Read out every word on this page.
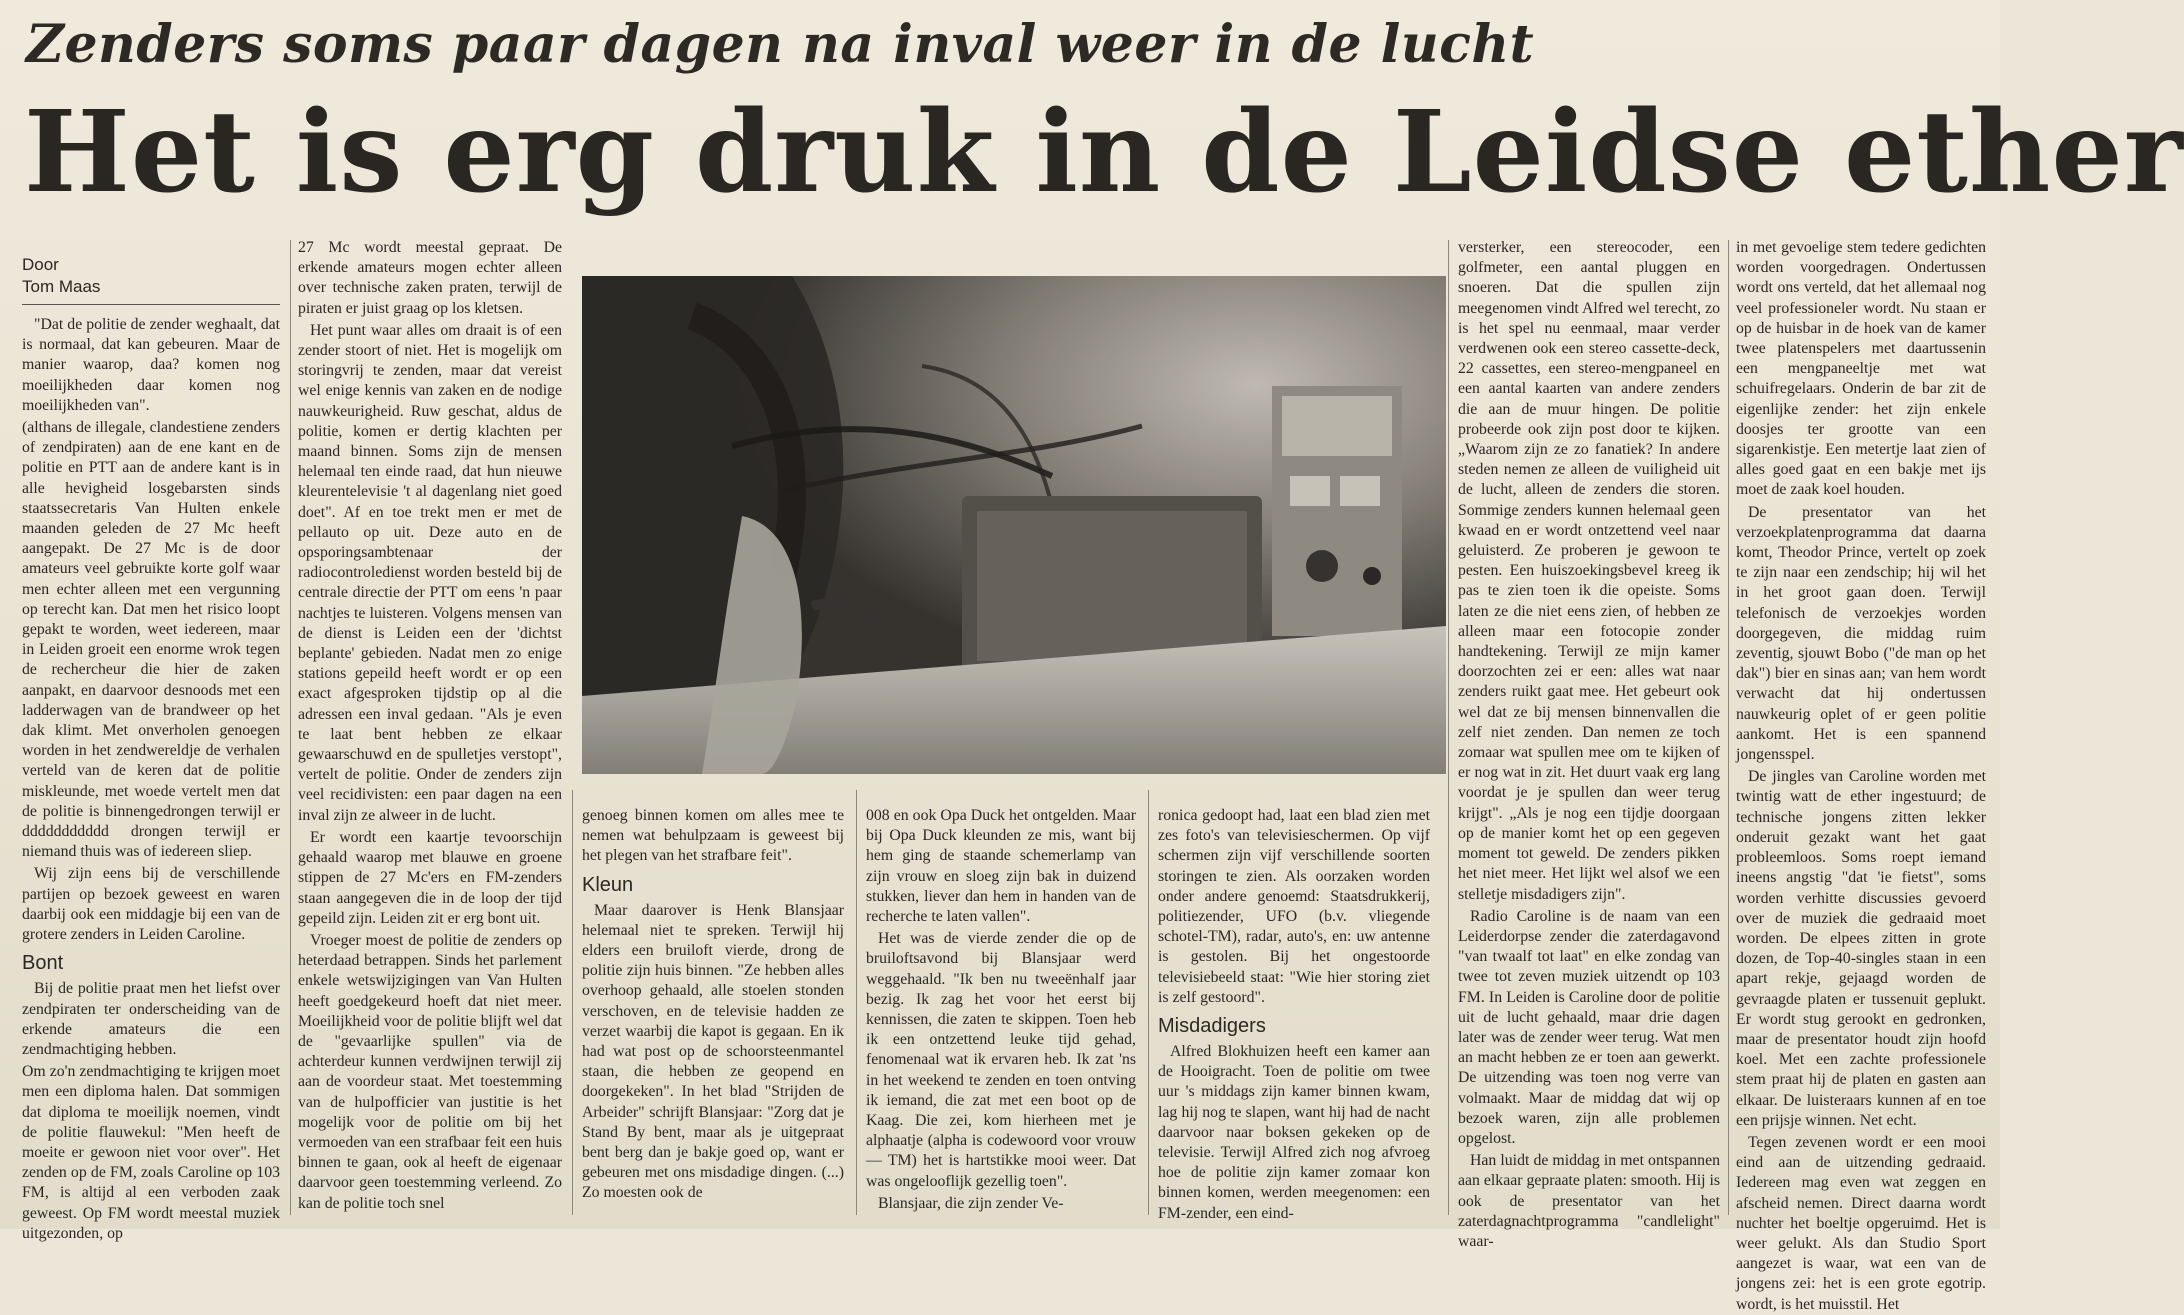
Zenders soms paar dagen na inval weer in de lucht
Het is erg druk in de Leidse ether
Door
Tom Maas

"Dat de politie de zender weghaalt, dat is normaal, dat kan gebeuren. Maar de manier waarop, daa? komen nog moeilijkheden daar komen nog moeilijkheden van".

(althans de illegale, clandestiene zenders of zendpiraten) aan de ene kant en de politie en PTT aan de andere kant is in alle hevigheid losgebarsten sinds staatssecretaris Van Hulten enkele maanden geleden de 27 Mc heeft aangepakt. De 27 Mc is de door amateurs veel gebruikte korte golf waar men echter alleen met een vergunning op terecht kan. Dat men het risico loopt gepakt te worden, weet iedereen, maar in Leiden groeit een enorme wrok tegen de rechercheur die hier de zaken aanpakt, en daarvoor desnoods met een ladderwagen van de brandweer op het dak klimt. Met onverholen genoegen worden in het zendwereldje de verhalen verteld van de keren dat de politie miskleunde, met woede vertelt men dat de politie is binnengedrongen terwijl er ddddddddddd drongen terwijl er niemand thuis was of iedereen sliep.

Wij zijn eens bij de verschillende partijen op bezoek geweest en waren daarbij ook een middagje bij een van de grotere zenders in Leiden Caroline.

Bont

Bij de politie praat men het liefst over zendpiraten ter onderscheiding van de erkende amateurs die een zendmachtiging hebben.

Om zo'n zendmachtiging te krijgen moet men een diploma halen. Dat sommigen dat diploma te moeilijk noemen, vindt de politie flauwekul: "Men heeft de moeite er gewoon niet voor over". Het zenden op de FM, zoals Caroline op 103 FM, is altijd al een verboden zaak geweest. Op FM wordt meestal muziek uitgezonden, op

27 Mc wordt meestal gepraat. De erkende amateurs mogen echter alleen over technische zaken praten, terwijl de piraten er juist graag op los kletsen.

Het punt waar alles om draait is of een zender stoort of niet. Het is mogelijk om storingvrij te zenden, maar dat vereist wel enige kennis van zaken en de nodige nauwkeurigheid. Ruw geschat, aldus de politie, komen er dertig klachten per maand binnen. Soms zijn de mensen helemaal ten einde raad, dat hun nieuwe kleurentelevisie 't al dagenlang niet goed doet". Af en toe trekt men er met de pellauto op uit. Deze auto en de opsporingsambtenaar der radiocontroledienst worden besteld bij de centrale directie der PTT om eens 'n paar nachtjes te luisteren. Volgens mensen van de dienst is Leiden een der 'dichtst beplante' gebieden. Nadat men zo enige stations gepeild heeft wordt er op een exact afgesproken tijdstip op al die adressen een inval gedaan. "Als je even te laat bent hebben ze elkaar gewaarschuwd en de spulletjes verstopt", vertelt de politie. Onder de zenders zijn veel recidivisten: een paar dagen na een inval zijn ze alweer in de lucht.

Er wordt een kaartje tevoorschijn gehaald waarop met blauwe en groene stippen de 27 Mc'ers en FM-zenders staan aangegeven die in de loop der tijd gepeild zijn. Leiden zit er erg bont uit.

Vroeger moest de politie de zenders op heterdaad betrappen. Sinds het parlement enkele wetswijzigingen van Van Hulten heeft goedgekeurd hoeft dat niet meer. Moeilijkheid voor de politie blijft wel dat de "gevaarlijke spullen" via de achterdeur kunnen verdwijnen terwijl zij aan de voordeur staat. Met toestemming van de hulpofficier van justitie is het mogelijk voor de politie om bij het vermoeden van een strafbaar feit een huis binnen te gaan, ook al heeft de eigenaar daarvoor geen toestemming verleend. Zo kan de politie toch snel

genoeg binnen komen om alles mee te nemen wat behulpzaam is geweest bij het plegen van het strafbare feit".

Kleun

Maar daarover is Henk Blansjaar helemaal niet te spreken. Terwijl hij elders een bruiloft vierde, drong de politie zijn huis binnen. "Ze hebben alles overhoop gehaald, alle stoelen stonden verschoven, en de televisie hadden ze verzet waarbij die kapot is gegaan. En ik had wat post op de schoorsteenmantel staan, die hebben ze geopend en doorgekeken". In het blad "Strijden de Arbeider" schrijft Blansjaar: "Zorg dat je Stand By bent, maar als je uitgepraat bent berg dan je bakje goed op, want er gebeuren met ons misdadige dingen. (...) Zo moesten ook de

008 en ook Opa Duck het ontgelden. Maar bij Opa Duck kleunden ze mis, want bij hem ging de staande schemerlamp van zijn vrouw en sloeg zijn bak in duizend stukken, liever dan hem in handen van de recherche te laten vallen".

Het was de vierde zender die op de bruiloftsavond bij Blansjaar werd weggehaald. "Ik ben nu tweeënhalf jaar bezig. Ik zag het voor het eerst bij kennissen, die zaten te skippen. Toen heb ik een ontzettend leuke tijd gehad, fenomenaal wat ik ervaren heb. Ik zat 'ns in het weekend te zenden en toen ontving ik iemand, die zat met een boot op de Kaag. Die zei, kom hierheen met je alphaatje (alpha is codewoord voor vrouw — TM) het is hartstikke mooi weer. Dat was ongelooflijk gezellig toen".

Blansjaar, die zijn zender Ve-

ronica gedoopt had, laat een blad zien met zes foto's van televisieschermen. Op vijf schermen zijn vijf verschillende soorten storingen te zien. Als oorzaken worden onder andere genoemd: Staatsdrukkerij, politiezender, UFO (b.v. vliegende schotel-TM), radar, auto's, en: uw antenne is gestolen. Bij het ongestoorde televisiebeeld staat: "Wie hier storing ziet is zelf gestoord".

Misdadigers

Alfred Blokhuizen heeft een kamer aan de Hooigracht. Toen de politie om twee uur 's middags zijn kamer binnen kwam, lag hij nog te slapen, want hij had de nacht daarvoor naar boksen gekeken op de televisie. Terwijl Alfred zich nog afvroeg hoe de politie zijn kamer zomaar kon binnen komen, werden meegenomen: een FM-zender, een eind-

versterker, een stereocoder, een golfmeter, een aantal pluggen en snoeren. Dat die spullen zijn meegenomen vindt Alfred wel terecht, zo is het spel nu eenmaal, maar verder verdwenen ook een stereo cassette-deck, 22 cassettes, een stereo-mengpaneel en een aantal kaarten van andere zenders die aan de muur hingen. De politie probeerde ook zijn post door te kijken. „Waarom zijn ze zo fanatiek? In andere steden nemen ze alleen de vuiligheid uit de lucht, alleen de zenders die storen. Sommige zenders kunnen helemaal geen kwaad en er wordt ontzettend veel naar geluisterd. Ze proberen je gewoon te pesten. Een huiszoekingsbevel kreeg ik pas te zien toen ik die opeiste. Soms laten ze die niet eens zien, of hebben ze alleen maar een fotocopie zonder handtekening. Terwijl ze mijn kamer doorzochten zei er een: alles wat naar zenders ruikt gaat mee. Het gebeurt ook wel dat ze bij mensen binnenvallen die zelf niet zenden. Dan nemen ze toch zomaar wat spullen mee om te kijken of er nog wat in zit. Het duurt vaak erg lang voordat je je spullen dan weer terug krijgt". „Als je nog een tijdje doorgaan op de manier komt het op een gegeven moment tot geweld. De zenders pikken het niet meer. Het lijkt wel alsof we een stelletje misdadigers zijn".

Radio Caroline is de naam van een Leiderdorpse zender die zaterdagavond "van twaalf tot laat" en elke zondag van twee tot zeven muziek uitzendt op 103 FM. In Leiden is Caroline door de politie uit de lucht gehaald, maar drie dagen later was de zender weer terug. Wat men an macht hebben ze er toen aan gewerkt. De uitzending was toen nog verre van volmaakt. Maar de middag dat wij op bezoek waren, zijn alle problemen opgelost.

Han luidt de middag in met ontspannen aan elkaar gepraate platen: smooth. Hij is ook de presentator van het zaterdagnachtprogramma "candlelight" waar-

in met gevoelige stem tedere gedichten worden voorgedragen. Ondertussen wordt ons verteld, dat het allemaal nog veel professioneler wordt. Nu staan er op de huisbar in de hoek van de kamer twee platenspelers met daartussenin een mengpaneeltje met wat schuifregelaars. Onderin de bar zit de eigenlijke zender: het zijn enkele doosjes ter grootte van een sigarenkistje. Een metertje laat zien of alles goed gaat en een bakje met ijs moet de zaak koel houden.

De presentator van het verzoekplatenprogramma dat daarna komt, Theodor Prince, vertelt op zoek te zijn naar een zendschip; hij wil het in het groot gaan doen. Terwijl telefonisch de verzoekjes worden doorgegeven, die middag ruim zeventig, sjouwt Bobo ("de man op het dak") bier en sinas aan; van hem wordt verwacht dat hij ondertussen nauwkeurig oplet of er geen politie aankomt. Het is een spannend jongensspel.

De jingles van Caroline worden met twintig watt de ether ingestuurd; de technische jongens zitten lekker onderuit gezakt want het gaat probleemloos. Soms roept iemand ineens angstig "dat 'ie fietst", soms worden verhitte discussies gevoerd over de muziek die gedraaid moet worden. De elpees zitten in grote dozen, de Top-40-singles staan in een apart rekje, gejaagd worden de gevraagde platen er tussenuit geplukt. Er wordt stug gerookt en gedronken, maar de presentator houdt zijn hoofd koel. Met een zachte professionele stem praat hij de platen en gasten aan elkaar. De luisteraars kunnen af en toe een prijsje winnen. Net echt.

Tegen zevenen wordt er een mooi eind aan de uitzending gedraaid. Iedereen mag even wat zeggen en afscheid nemen. Direct daarna wordt nuchter het boeltje opgeruimd. Het is weer gelukt. Als dan Studio Sport aangezet is waar, wat een van de jongens zei: het is een grote egotrip. wordt, is het muisstil. Het
